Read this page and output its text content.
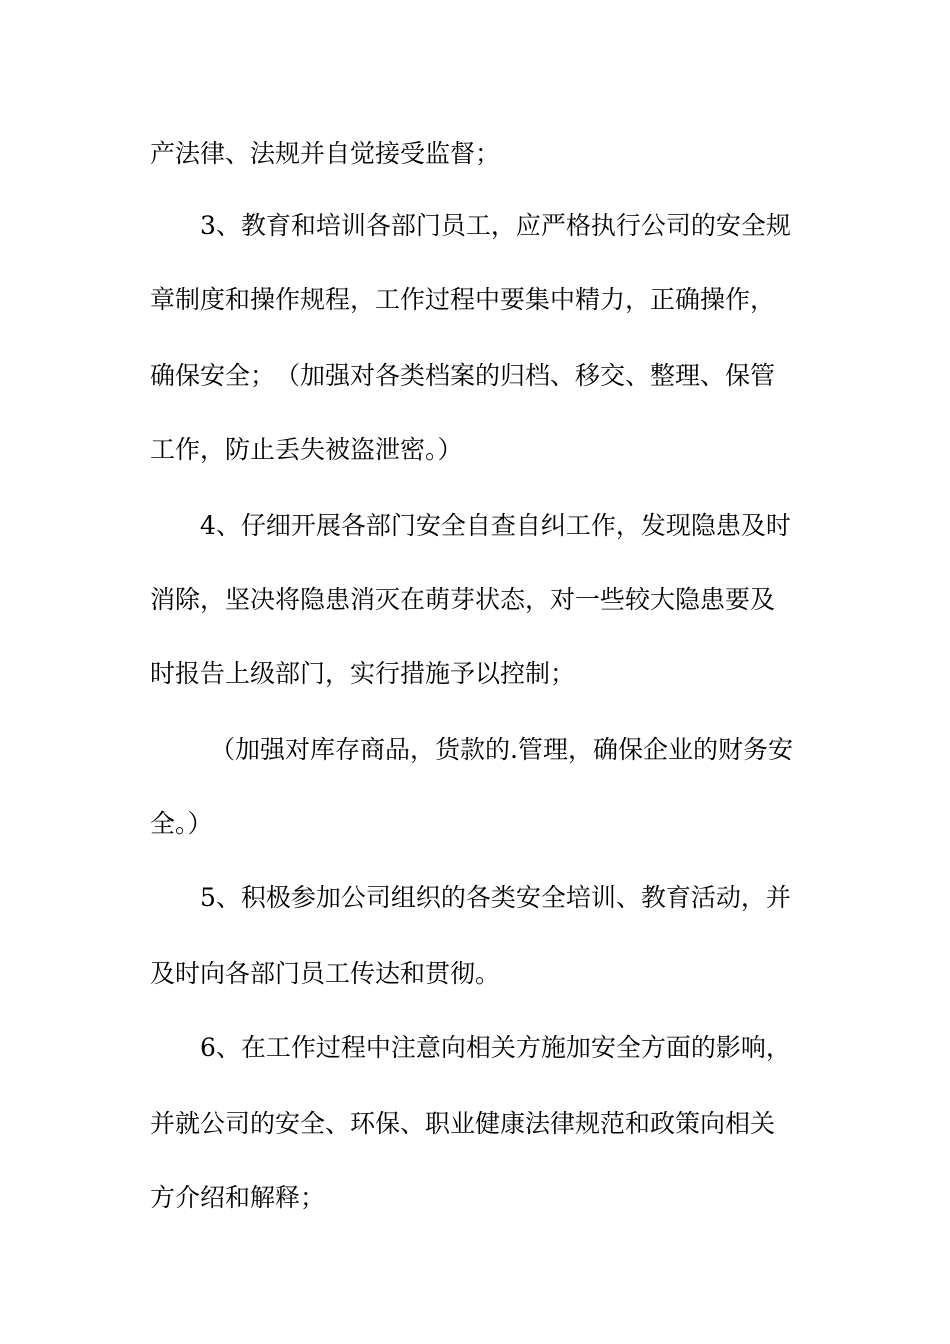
产法律、法规并自觉接受监督；
3、教育和培训各部门员工，应严格执行公司的安全规
章制度和操作规程，工作过程中要集中精力，正确操作，
确保安全；　（加强对各类档案的归档、移交、整理、保管
工作，防止丢失被盗泄密。）
4、仔细开展各部门安全自查自纠工作，发现隐患及时
消除，坚决将隐患消灭在萌芽状态，对一些较大隐患要及
时报告上级部门，实行措施予以控制；
（加强对库存商品，货款的.管理，确保企业的财务安
全。）
5、积极参加公司组织的各类安全培训、教育活动，并
及时向各部门员工传达和贯彻。
6、在工作过程中注意向相关方施加安全方面的影响，
并就公司的安全、环保、职业健康法律规范和政策向相关
方介绍和解释；
